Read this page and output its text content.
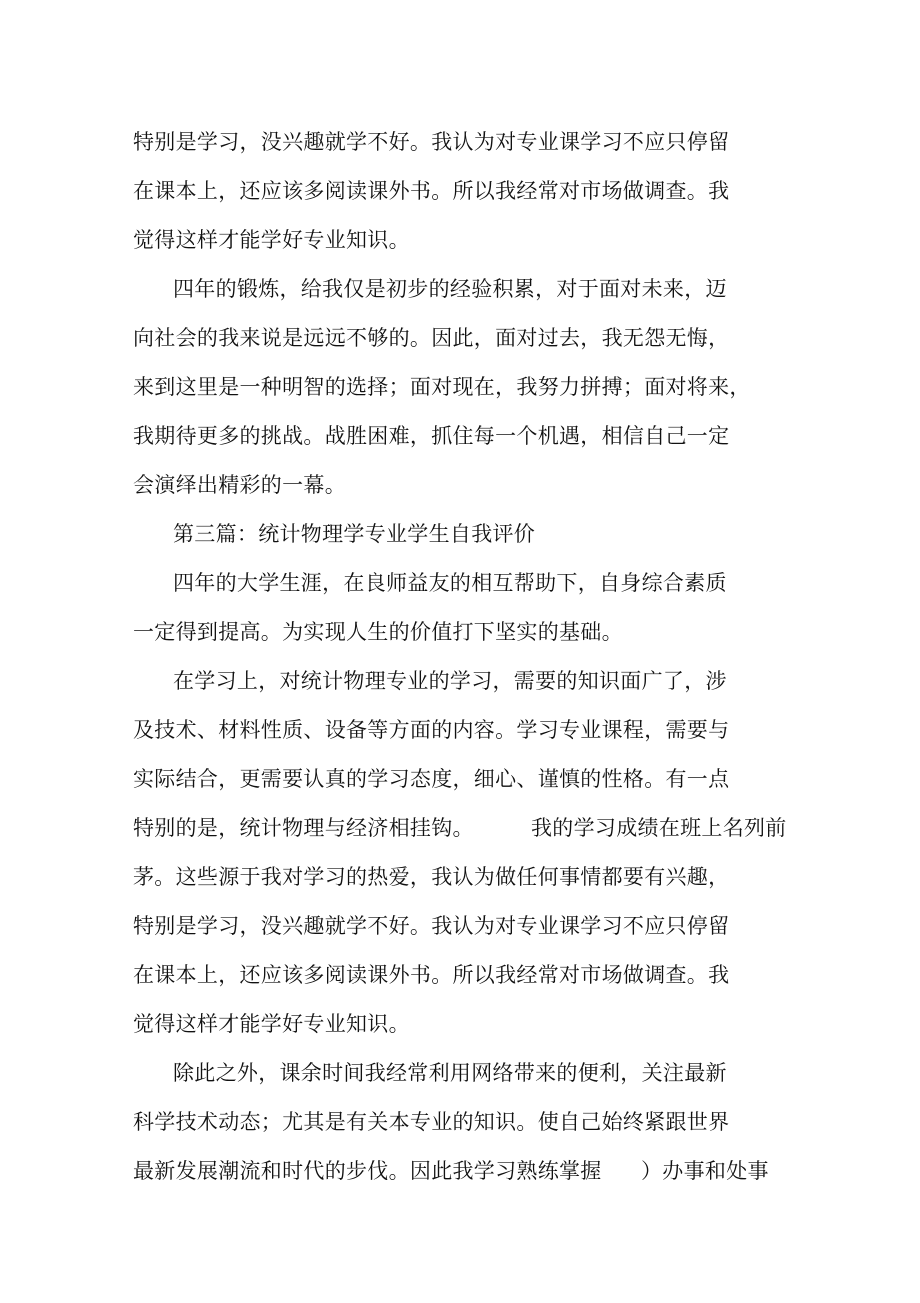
特别是学习，没兴趣就学不好。我认为对专业课学习不应只停留
在课本上，还应该多阅读课外书。所以我经常对市场做调查。我
觉得这样才能学好专业知识。
四年的锻炼，给我仅是初步的经验积累，对于面对未来，迈
向社会的我来说是远远不够的。因此，面对过去，我无怨无悔，
来到这里是一种明智的选择；面对现在，我努力拼搏；面对将来，
我期待更多的挑战。战胜困难，抓住每一个机遇，相信自己一定
会演绎出精彩的一幕。
第三篇：统计物理学专业学生自我评价
四年的大学生涯，在良师益友的相互帮助下，自身综合素质
一定得到提高。为实现人生的价值打下坚实的基础。
在学习上，对统计物理专业的学习，需要的知识面广了，涉
及技术、材料性质、设备等方面的内容。学习专业课程，需要与
实际结合，更需要认真的学习态度，细心、谨慎的性格。有一点
特别的是，统计物理与经济相挂钩。	我的学习成绩在班上名列前
茅。这些源于我对学习的热爱，我认为做任何事情都要有兴趣，
特别是学习，没兴趣就学不好。我认为对专业课学习不应只停留
在课本上，还应该多阅读课外书。所以我经常对市场做调查。我
觉得这样才能学好专业知识。
除此之外，课余时间我经常利用网络带来的便利，关注最新
科学技术动态；尤其是有关本专业的知识。使自己始终紧跟世界
最新发展潮流和时代的步伐。因此我学习熟练掌握 ）办事和处事
